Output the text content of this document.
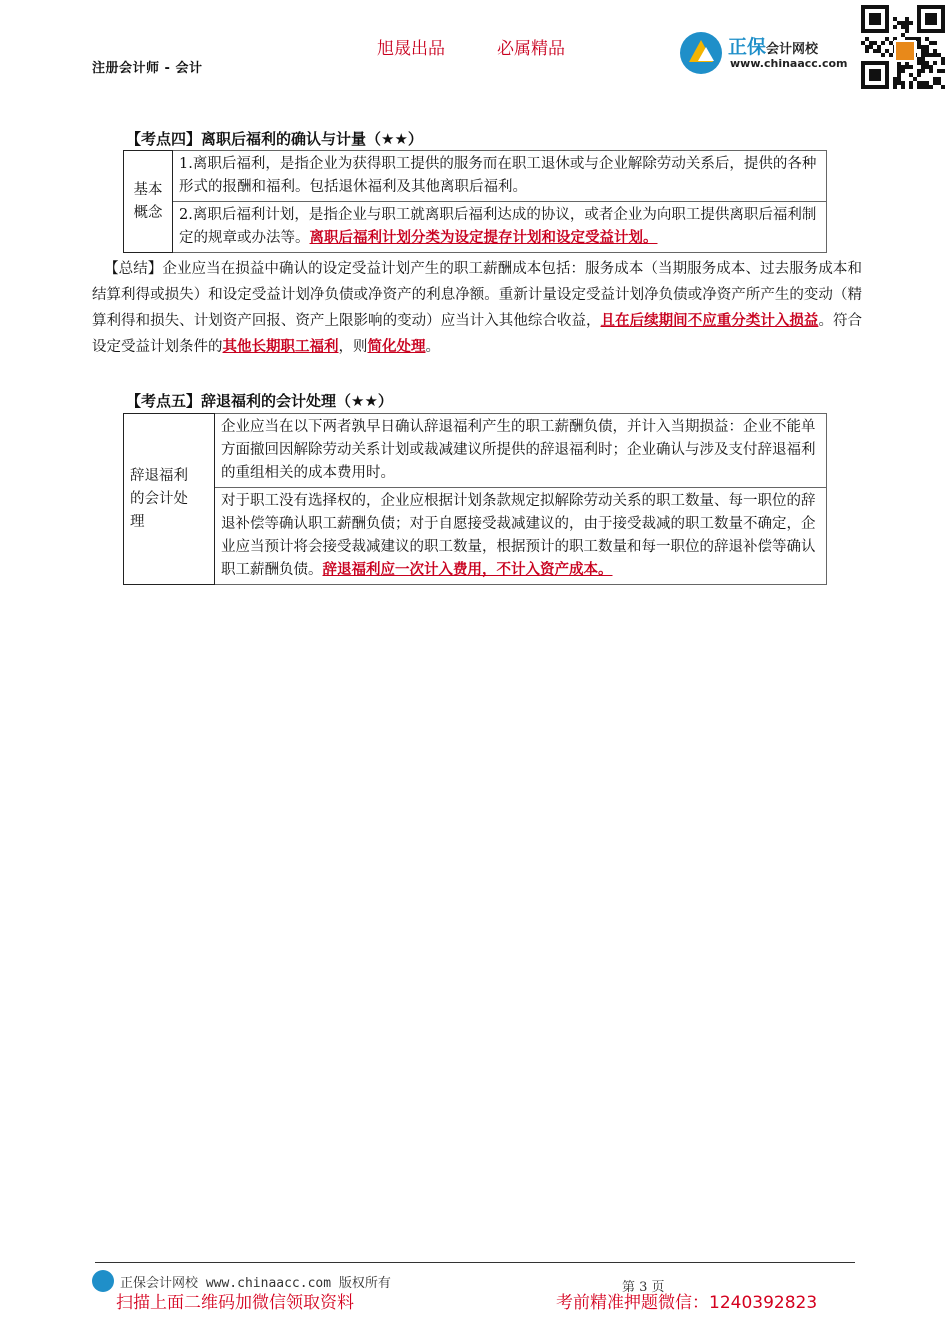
旭晟出品	必属精品
注册会计师 - 会计
正保会计网校
www.chinaacc.com
【考点四】离职后福利的确认与计量（★★）
基本概念	1.离职后福利，是指企业为获得职工提供的服务而在职工退休或与企业解除劳动关系后，提供的各种形式的报酬和福利。包括退休福利及其他离职后福利。
2.离职后福利计划，是指企业与职工就离职后福利达成的协议，或者企业为向职工提供离职后福利制定的规章或办法等。离职后福利计划分类为设定提存计划和设定受益计划。
【总结】企业应当在损益中确认的设定受益计划产生的职工薪酬成本包括：服务成本（当期服务成本、过去服务成本和结算利得或损失）和设定受益计划净负债或净资产的利息净额。重新计量设定受益计划净负债或净资产所产生的变动（精算利得和损失、计划资产回报、资产上限影响的变动）应当计入其他综合收益，且在后续期间不应重分类计入损益。符合设定受益计划条件的其他长期职工福利，则简化处理。
【考点五】辞退福利的会计处理（★★）
辞退福利的会计处理	企业应当在以下两者孰早日确认辞退福利产生的职工薪酬负债，并计入当期损益：企业不能单方面撤回因解除劳动关系计划或裁减建议所提供的辞退福利时；企业确认与涉及支付辞退福利的重组相关的成本费用时。
对于职工没有选择权的，企业应根据计划条款规定拟解除劳动关系的职工数量、每一职位的辞退补偿等确认职工薪酬负债；对于自愿接受裁减建议的，由于接受裁减的职工数量不确定，企业应当预计将会接受裁减建议的职工数量，根据预计的职工数量和每一职位的辞退补偿等确认职工薪酬负债。辞退福利应一次计入费用，不计入资产成本。
正保会计网校 www.chinaacc.com 版权所有	第 3 页
扫描上面二维码加微信领取资料	考前精准押题微信：1240392823
